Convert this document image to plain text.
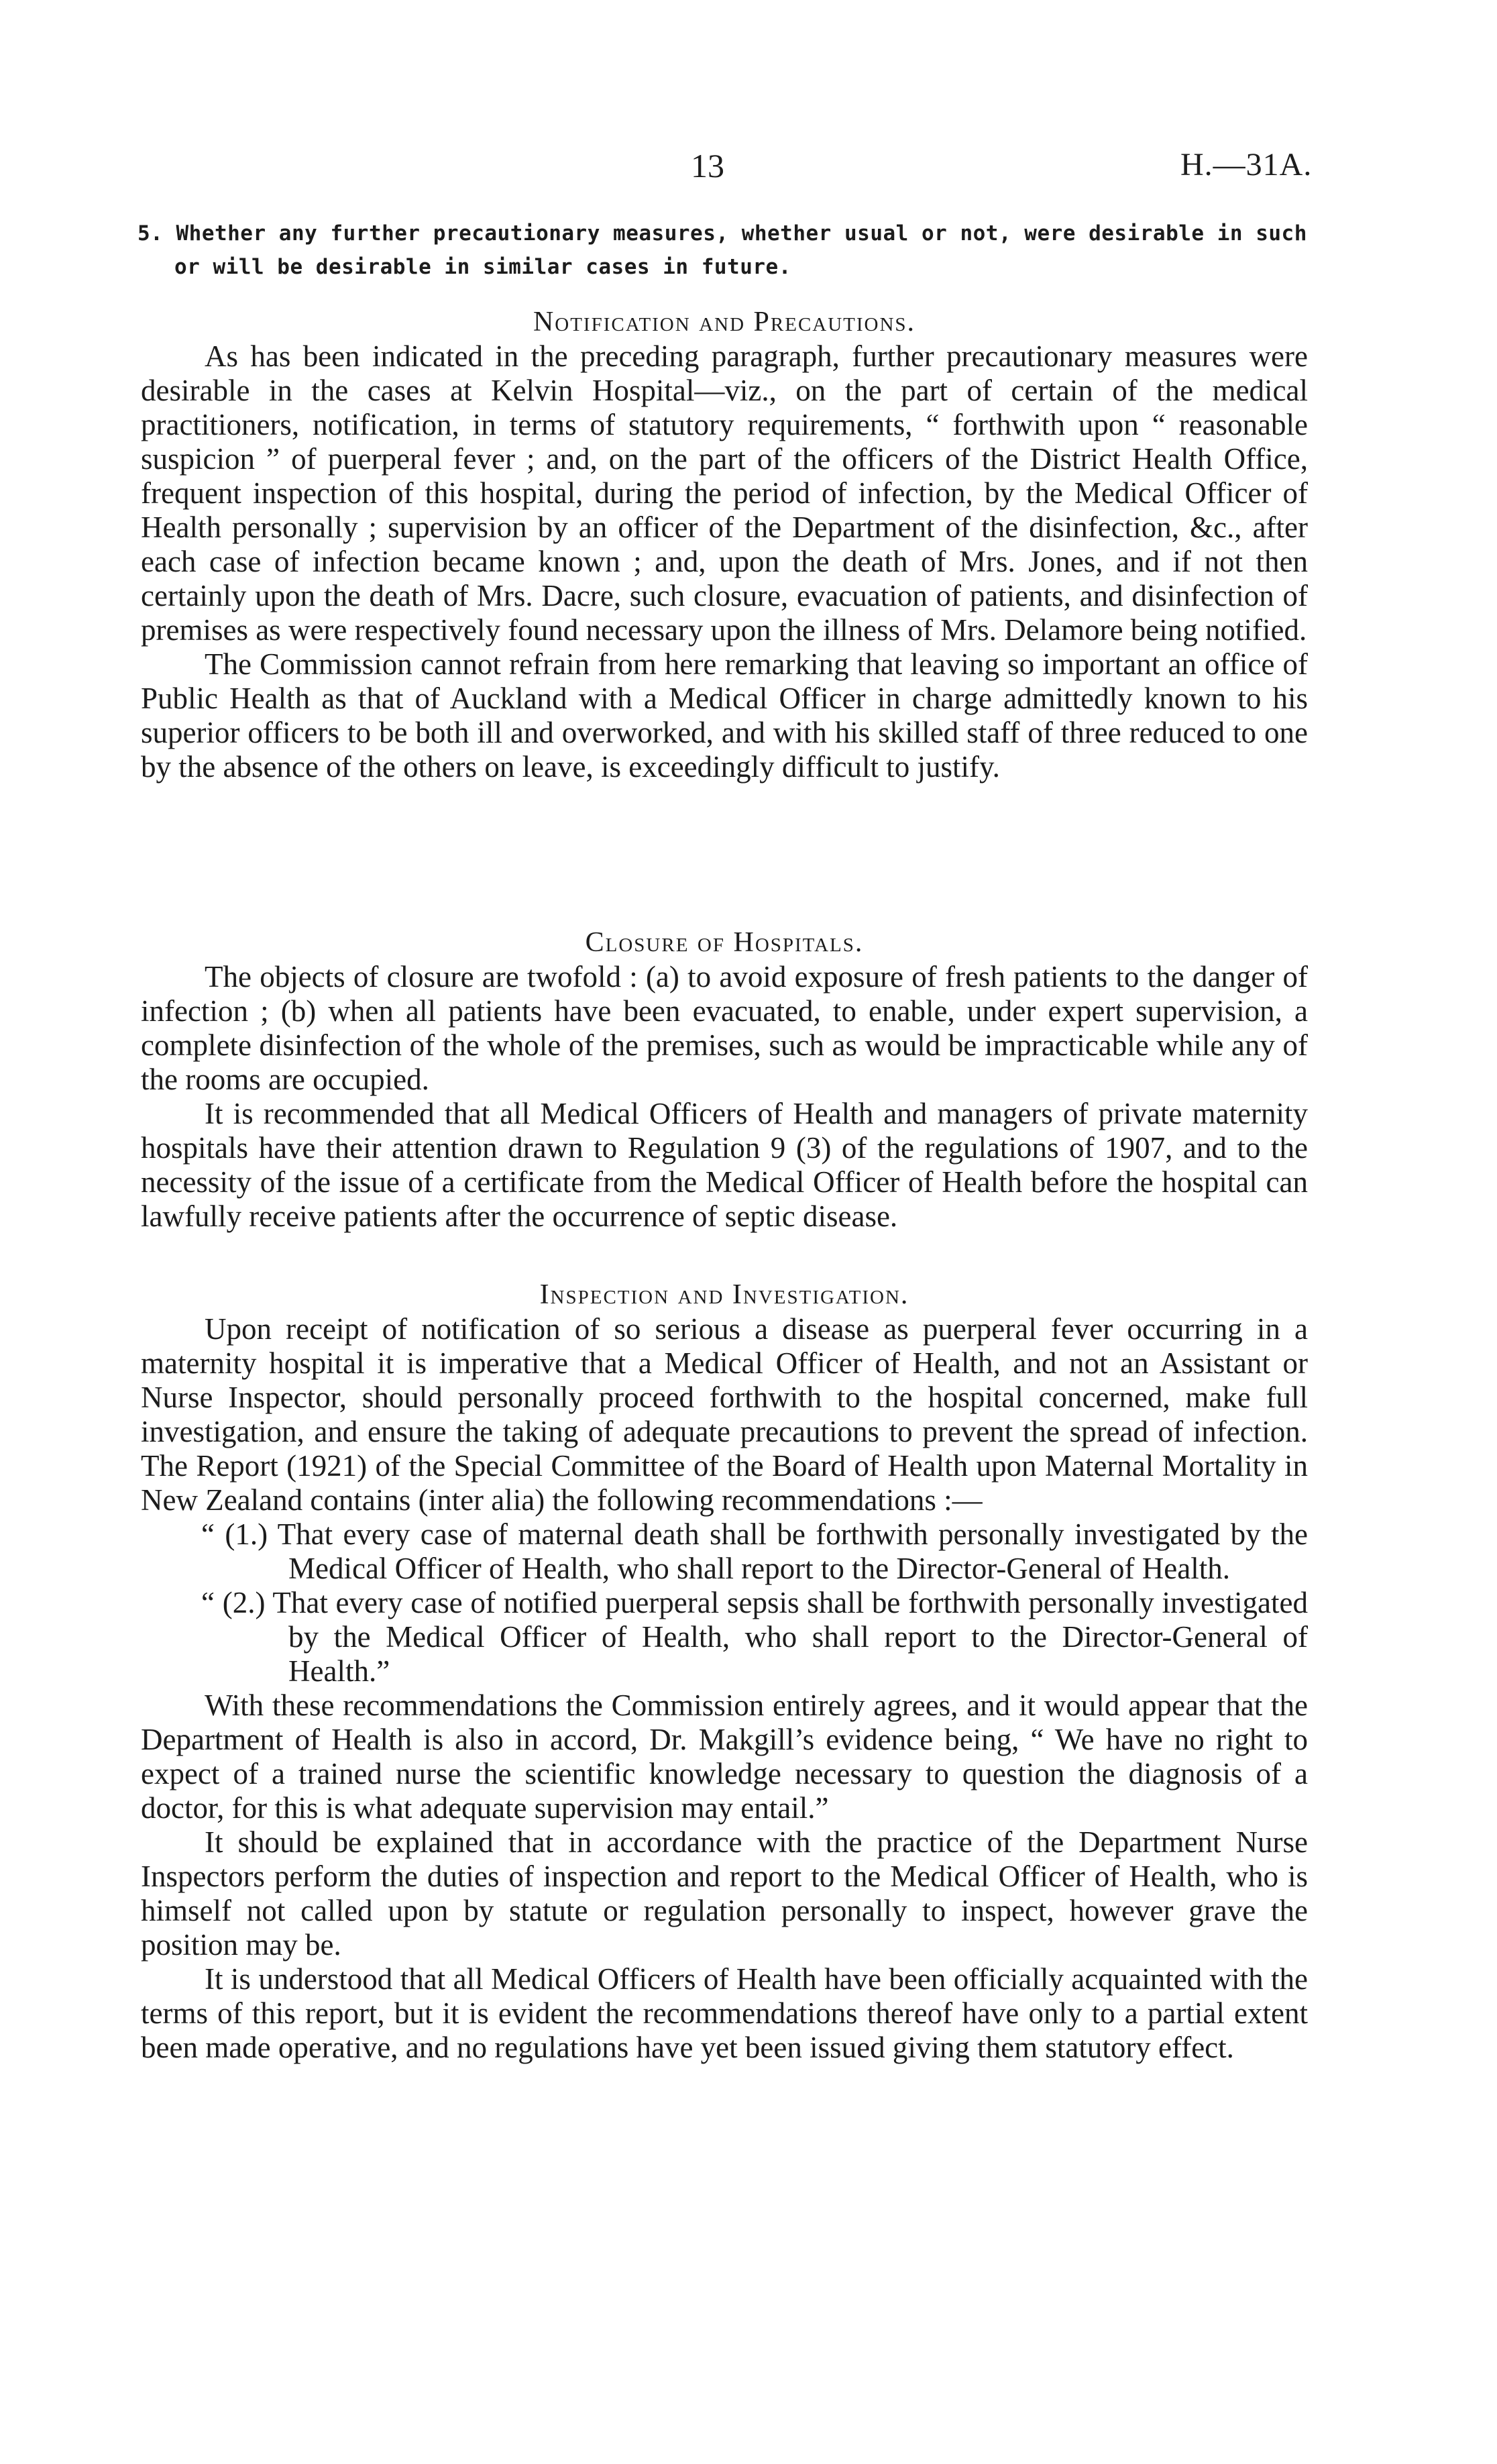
13	H.—31A.
5. Whether any further precautionary measures, whether usual or not, were desirable in such
or will be desirable in similar cases in future.
Notification and Precautions.

As has been indicated in the preceding paragraph, further precautionary measures were desirable in the cases at Kelvin Hospital—viz., on the part of certain of the medical practitioners, notification, in terms of statutory requirements, “ forthwith upon “ reasonable suspicion ” of puerperal fever ; and, on the part of the officers of the District Health Office, frequent inspection of this hospital, during the period of infection, by the Medical Officer of Health personally ; supervision by an officer of the Department of the disinfection, &c., after each case of infection became known ; and, upon the death of Mrs. Jones, and if not then certainly upon the death of Mrs. Dacre, such closure, evacuation of patients, and disinfection of premises as were respectively found necessary upon the illness of Mrs. Delamore being notified.

The Commission cannot refrain from here remarking that leaving so important an office of Public Health as that of Auckland with a Medical Officer in charge admittedly known to his superior officers to be both ill and overworked, and with his skilled staff of three reduced to one by the absence of the others on leave, is exceedingly difficult to justify.

Closure of Hospitals.

The objects of closure are twofold : (a) to avoid exposure of fresh patients to the danger of infection ; (b) when all patients have been evacuated, to enable, under expert supervision, a complete disinfection of the whole of the premises, such as would be impracticable while any of the rooms are occupied.

It is recommended that all Medical Officers of Health and managers of private maternity hospitals have their attention drawn to Regulation 9 (3) of the regulations of 1907, and to the necessity of the issue of a certificate from the Medical Officer of Health before the hospital can lawfully receive patients after the occurrence of septic disease.

Inspection and Investigation.

Upon receipt of notification of so serious a disease as puerperal fever occurring in a maternity hospital it is imperative that a Medical Officer of Health, and not an Assistant or Nurse Inspector, should personally proceed forthwith to the hospital concerned, make full investigation, and ensure the taking of adequate precautions to prevent the spread of infection. The Report (1921) of the Special Committee of the Board of Health upon Maternal Mortality in New Zealand contains (inter alia) the following recommendations :—

“ (1.) That every case of maternal death shall be forthwith personally investigated by the Medical Officer of Health, who shall report to the Director-General of Health.
“ (2.) That every case of notified puerperal sepsis shall be forthwith personally investigated by the Medical Officer of Health, who shall report to the Director-General of Health.”

With these recommendations the Commission entirely agrees, and it would appear that the Department of Health is also in accord, Dr. Makgill’s evidence being, “ We have no right to expect of a trained nurse the scientific knowledge necessary to question the diagnosis of a doctor, for this is what adequate supervision may entail.”

It should be explained that in accordance with the practice of the Department Nurse Inspectors perform the duties of inspection and report to the Medical Officer of Health, who is himself not called upon by statute or regulation personally to inspect, however grave the position may be.

It is understood that all Medical Officers of Health have been officially acquainted with the terms of this report, but it is evident the recommendations thereof have only to a partial extent been made operative, and no regulations have yet been issued giving them statutory effect.
